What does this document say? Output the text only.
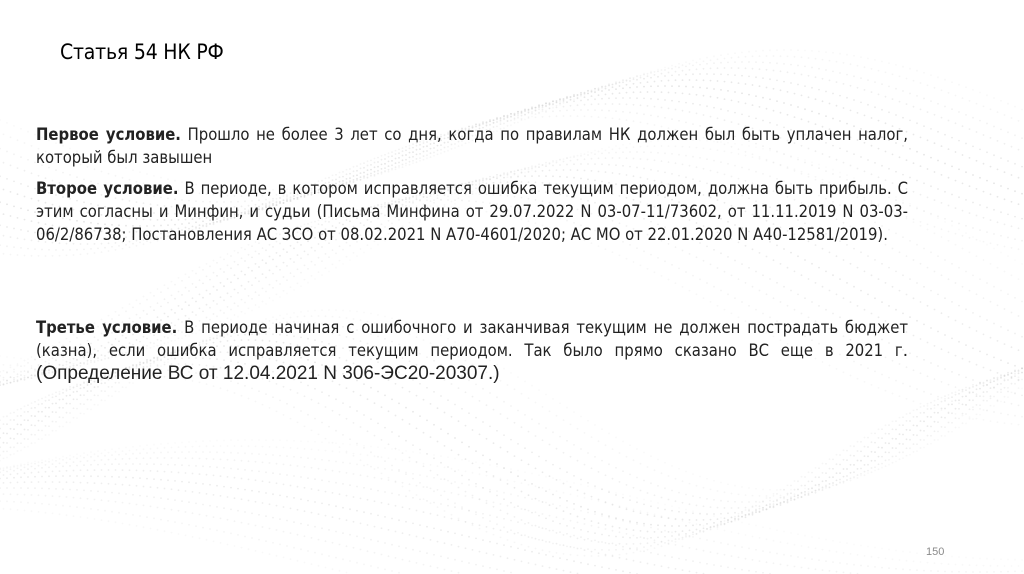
Статья 54 НК РФ
Первое условие. Прошло не более 3 лет со дня, когда по правилам НК должен был быть уплачен налог, который был завышен
Второе условие. В периоде, в котором исправляется ошибка текущим периодом, должна быть прибыль. С этим согласны и Минфин, и судьи (Письма Минфина от 29.07.2022 N 03-07-11/73602, от 11.11.2019 N 03-03-06/2/86738; Постановления АС ЗСО от 08.02.2021 N А70-4601/2020; АС МО от 22.01.2020 N А40-12581/2019).
Третье условие. В периоде начиная с ошибочного и заканчивая текущим не должен пострадать бюджет (казна), если ошибка исправляется текущим периодом. Так было прямо сказано ВС еще в 2021 г. (Определение ВС от 12.04.2021 N 306-ЭС20-20307.)
150
